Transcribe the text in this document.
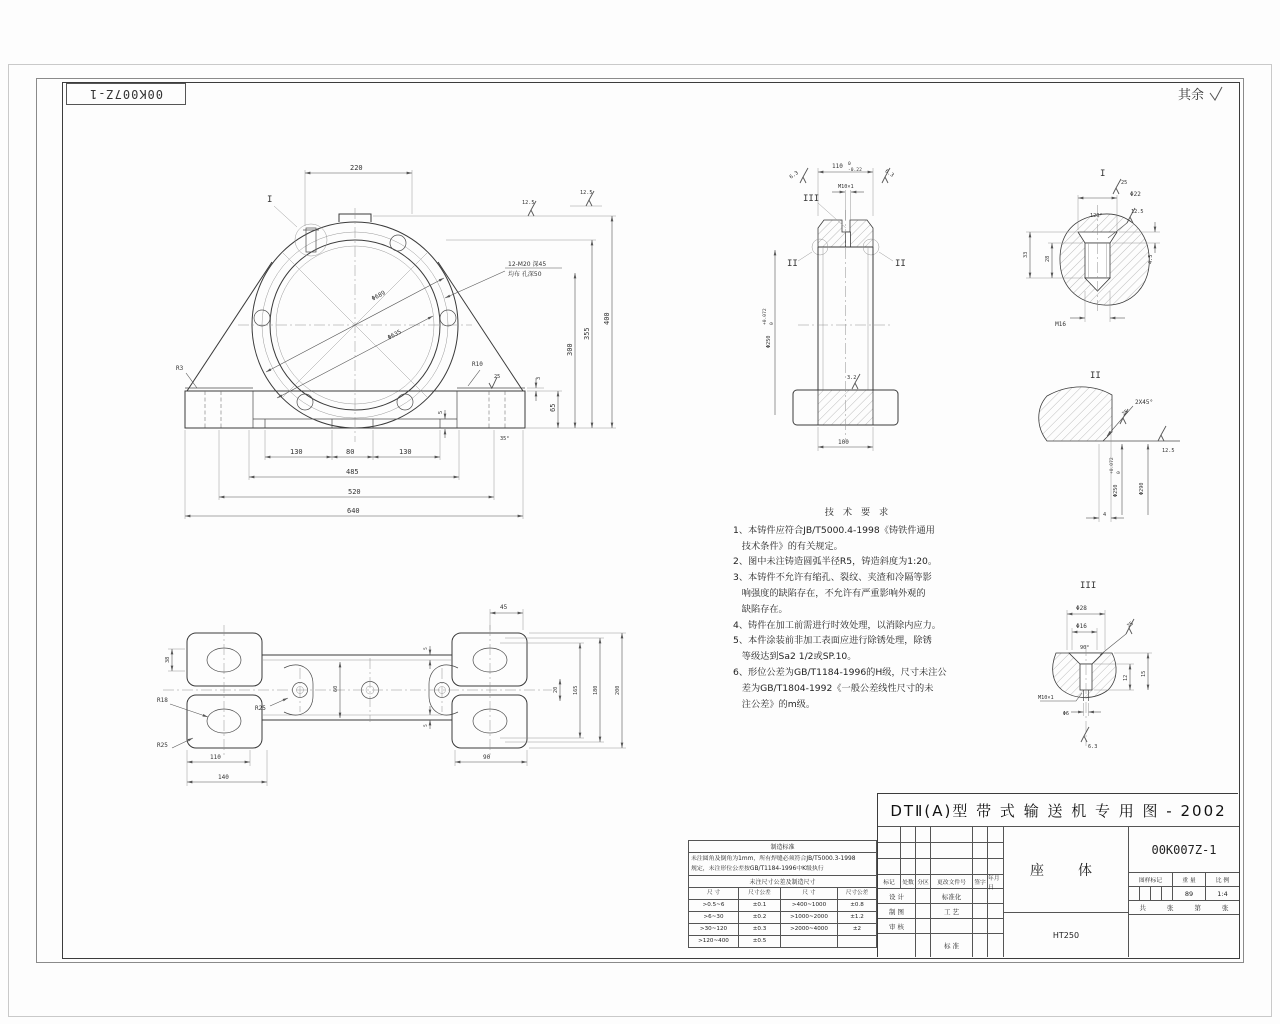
00K007Z-1	其余
220
400
355
300
65
3
5
130	80	130
485
520
640
R3
R10
25
35°
12-M20 深45
均布 孔深50
Φ689
Φ635
12.5
12.5
I
45
38
R18
R25
R25
60
5
5
20	165	180	200
90
110
140
II	II
III
110 0
-0.22
6.3	6.3
M10×1
Φ250
+0.072 0
3.2
100
I
25
Φ22
120°
12.5
33
28	4.5
M16
II
2X45°
25
12.5
Φ250
+0.072 0
Φ290
4
III
Φ28
Φ16
90°
25
12
15
M10×1
Φ6
6.3
技 术 要 求
1、本铸件应符合JB/T5000.4-1998《铸铁件通用
技术条件》的有关规定。
2、图中未注铸造圆弧半径R5，铸造斜度为1:20。
3、本铸件不允许有缩孔、裂纹、夹渣和冷隔等影
响强度的缺陷存在，不允许有严重影响外观的
缺陷存在。
4、铸件在加工前需进行时效处理，以消除内应力。
5、本件涂装前非加工表面应进行除锈处理，除锈
等级达到Sa2 1/2或SP.10。
6、形位公差为GB/T1184-1996的H级，尺寸未注公
差为GB/T1804-1992《一般公差线性尺寸的未
注公差》的m级。
制造标准
未注圆角及倒角为1mm，所有焊缝必须符合JB/T5000.3-1998
规定，未注形位公差按GB/T1184-1996中K级执行
未注尺寸公差及制造尺寸
尺 寸	尺寸公差	尺 寸	尺寸公差
>0.5~6	±0.1	>400~1000	±0.8
>6~30	±0.2	>1000~2000	±1.2
>30~120	±0.3	>2000~4000	±2
>120~400	±0.5
DTⅡ(A)型 带 式 输 送 机 专 用 图 - 2002
标记	处数 分区	更改文件号	签字
年月日
设 计	标准化
制 图	工 艺
审 核
标 准
座　体
HT250
00K007Z-1
图样标记	重 量	比 例
89	1:4
共	张	第	张
